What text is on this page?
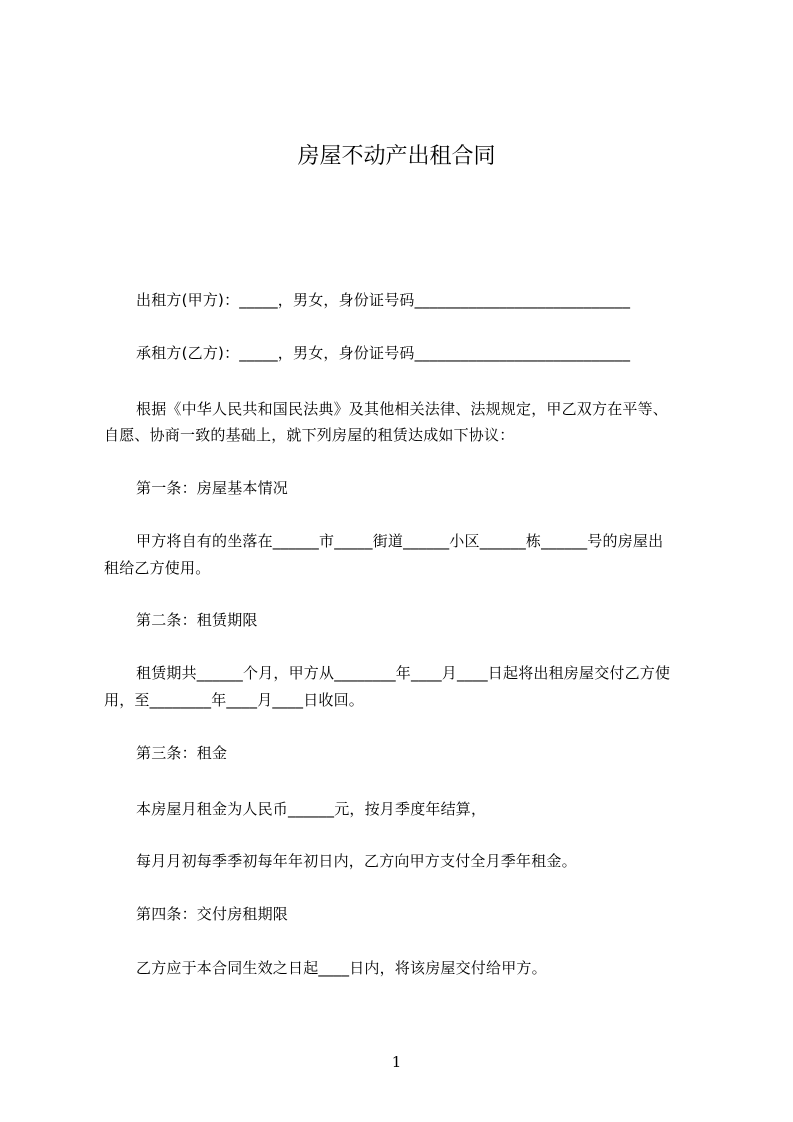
房屋不动产出租合同
出租方(甲方)：_____，男女，身份证号码____________________________
承租方(乙方)：_____，男女，身份证号码____________________________
根据《中华人民共和国民法典》及其他相关法律、法规规定，甲乙双方在平等、
自愿、协商一致的基础上，就下列房屋的租赁达成如下协议：
第一条：房屋基本情况
甲方将自有的坐落在______市_____街道______小区______栋______号的房屋出
租给乙方使用。
第二条：租赁期限
租赁期共______个月，甲方从________年____月____日起将出租房屋交付乙方使
用，至________年____月____日收回。
第三条：租金
本房屋月租金为人民币______元，按月季度年结算，
每月月初每季季初每年年初日内，乙方向甲方支付全月季年租金。
第四条：交付房租期限
乙方应于本合同生效之日起____日内，将该房屋交付给甲方。
1
